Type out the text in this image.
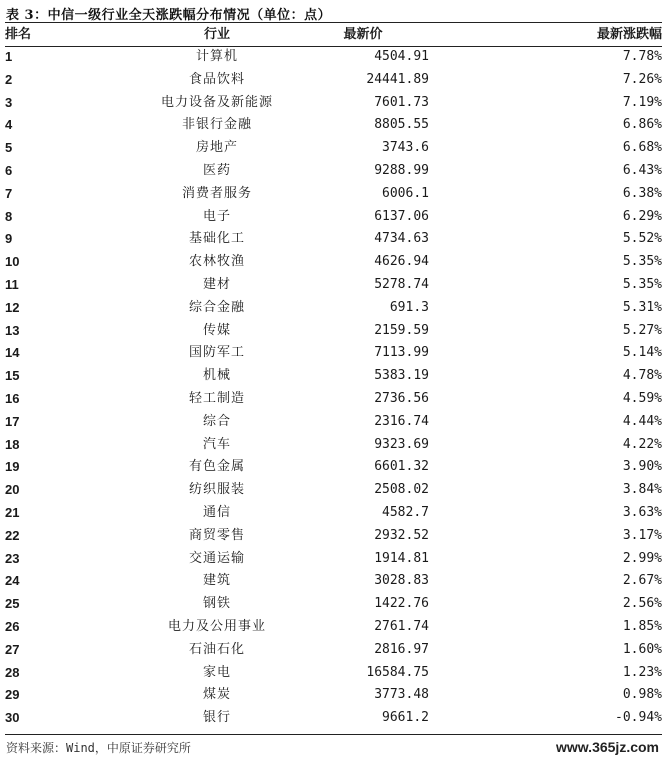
表 3：中信一级行业全天涨跌幅分布情况（单位：点）
排名	行业	最新价	最新涨跌幅
1	计算机	4504.91	7.78%
2	食品饮料	24441.89	7.26%
3	电力设备及新能源	7601.73	7.19%
4	非银行金融	8805.55	6.86%
5	房地产	3743.6	6.68%
6	医药	9288.99	6.43%
7	消费者服务	6006.1	6.38%
8	电子	6137.06	6.29%
9	基础化工	4734.63	5.52%
10	农林牧渔	4626.94	5.35%
11	建材	5278.74	5.35%
12	综合金融	691.3	5.31%
13	传媒	2159.59	5.27%
14	国防军工	7113.99	5.14%
15	机械	5383.19	4.78%
16	轻工制造	2736.56	4.59%
17	综合	2316.74	4.44%
18	汽车	9323.69	4.22%
19	有色金属	6601.32	3.90%
20	纺织服装	2508.02	3.84%
21	通信	4582.7	3.63%
22	商贸零售	2932.52	3.17%
23	交通运输	1914.81	2.99%
24	建筑	3028.83	2.67%
25	钢铁	1422.76	2.56%
26	电力及公用事业	2761.74	1.85%
27	石油石化	2816.97	1.60%
28	家电	16584.75	1.23%
29	煤炭	3773.48	0.98%
30	银行	9661.2	-0.94%
资料来源：Wind，中原证券研究所	www.365jz.com
